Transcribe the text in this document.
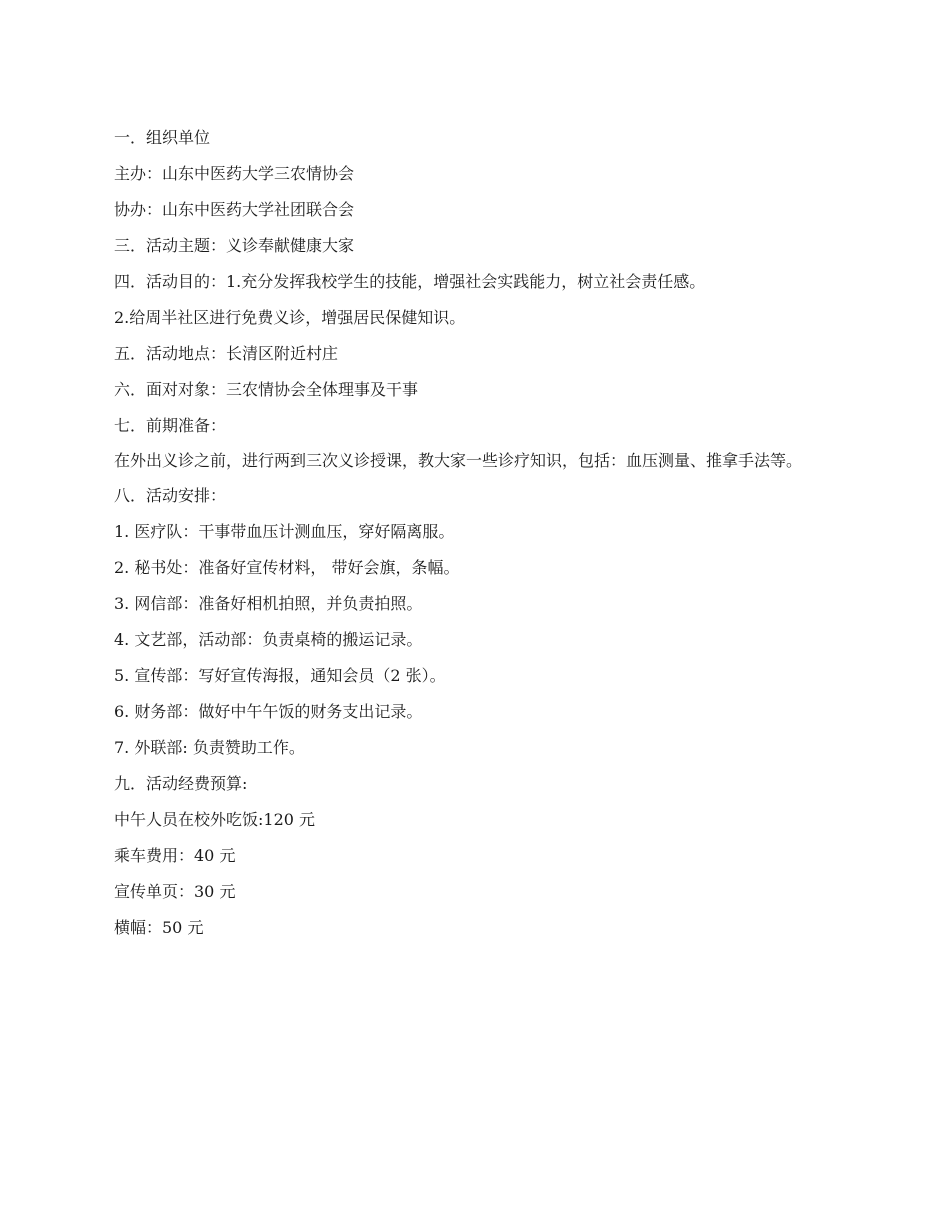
一．组织单位

主办：山东中医药大学三农情协会

协办：山东中医药大学社团联合会

三．活动主题：义诊奉献健康大家

四．活动目的：1.充分发挥我校学生的技能，增强社会实践能力，树立社会责任感。

2.给周半社区进行免费义诊，增强居民保健知识。

五．活动地点：长清区附近村庄

六．面对对象：三农情协会全体理事及干事

七．前期准备：

在外出义诊之前，进行两到三次义诊授课，教大家一些诊疗知识，包括：血压测量、推拿手法等。

八．活动安排：

1. 医疗队：干事带血压计测血压，穿好隔离服。

2. 秘书处：准备好宣传材料， 带好会旗，条幅。

3. 网信部：准备好相机拍照，并负责拍照。

4. 文艺部，活动部：负责桌椅的搬运记录。

5. 宣传部：写好宣传海报，通知会员（2 张）。

6. 财务部：做好中午午饭的财务支出记录。

7. 外联部: 负责赞助工作。

九．活动经费预算:

中午人员在校外吃饭:120 元

乘车费用：40 元

宣传单页：30 元

横幅：50 元
